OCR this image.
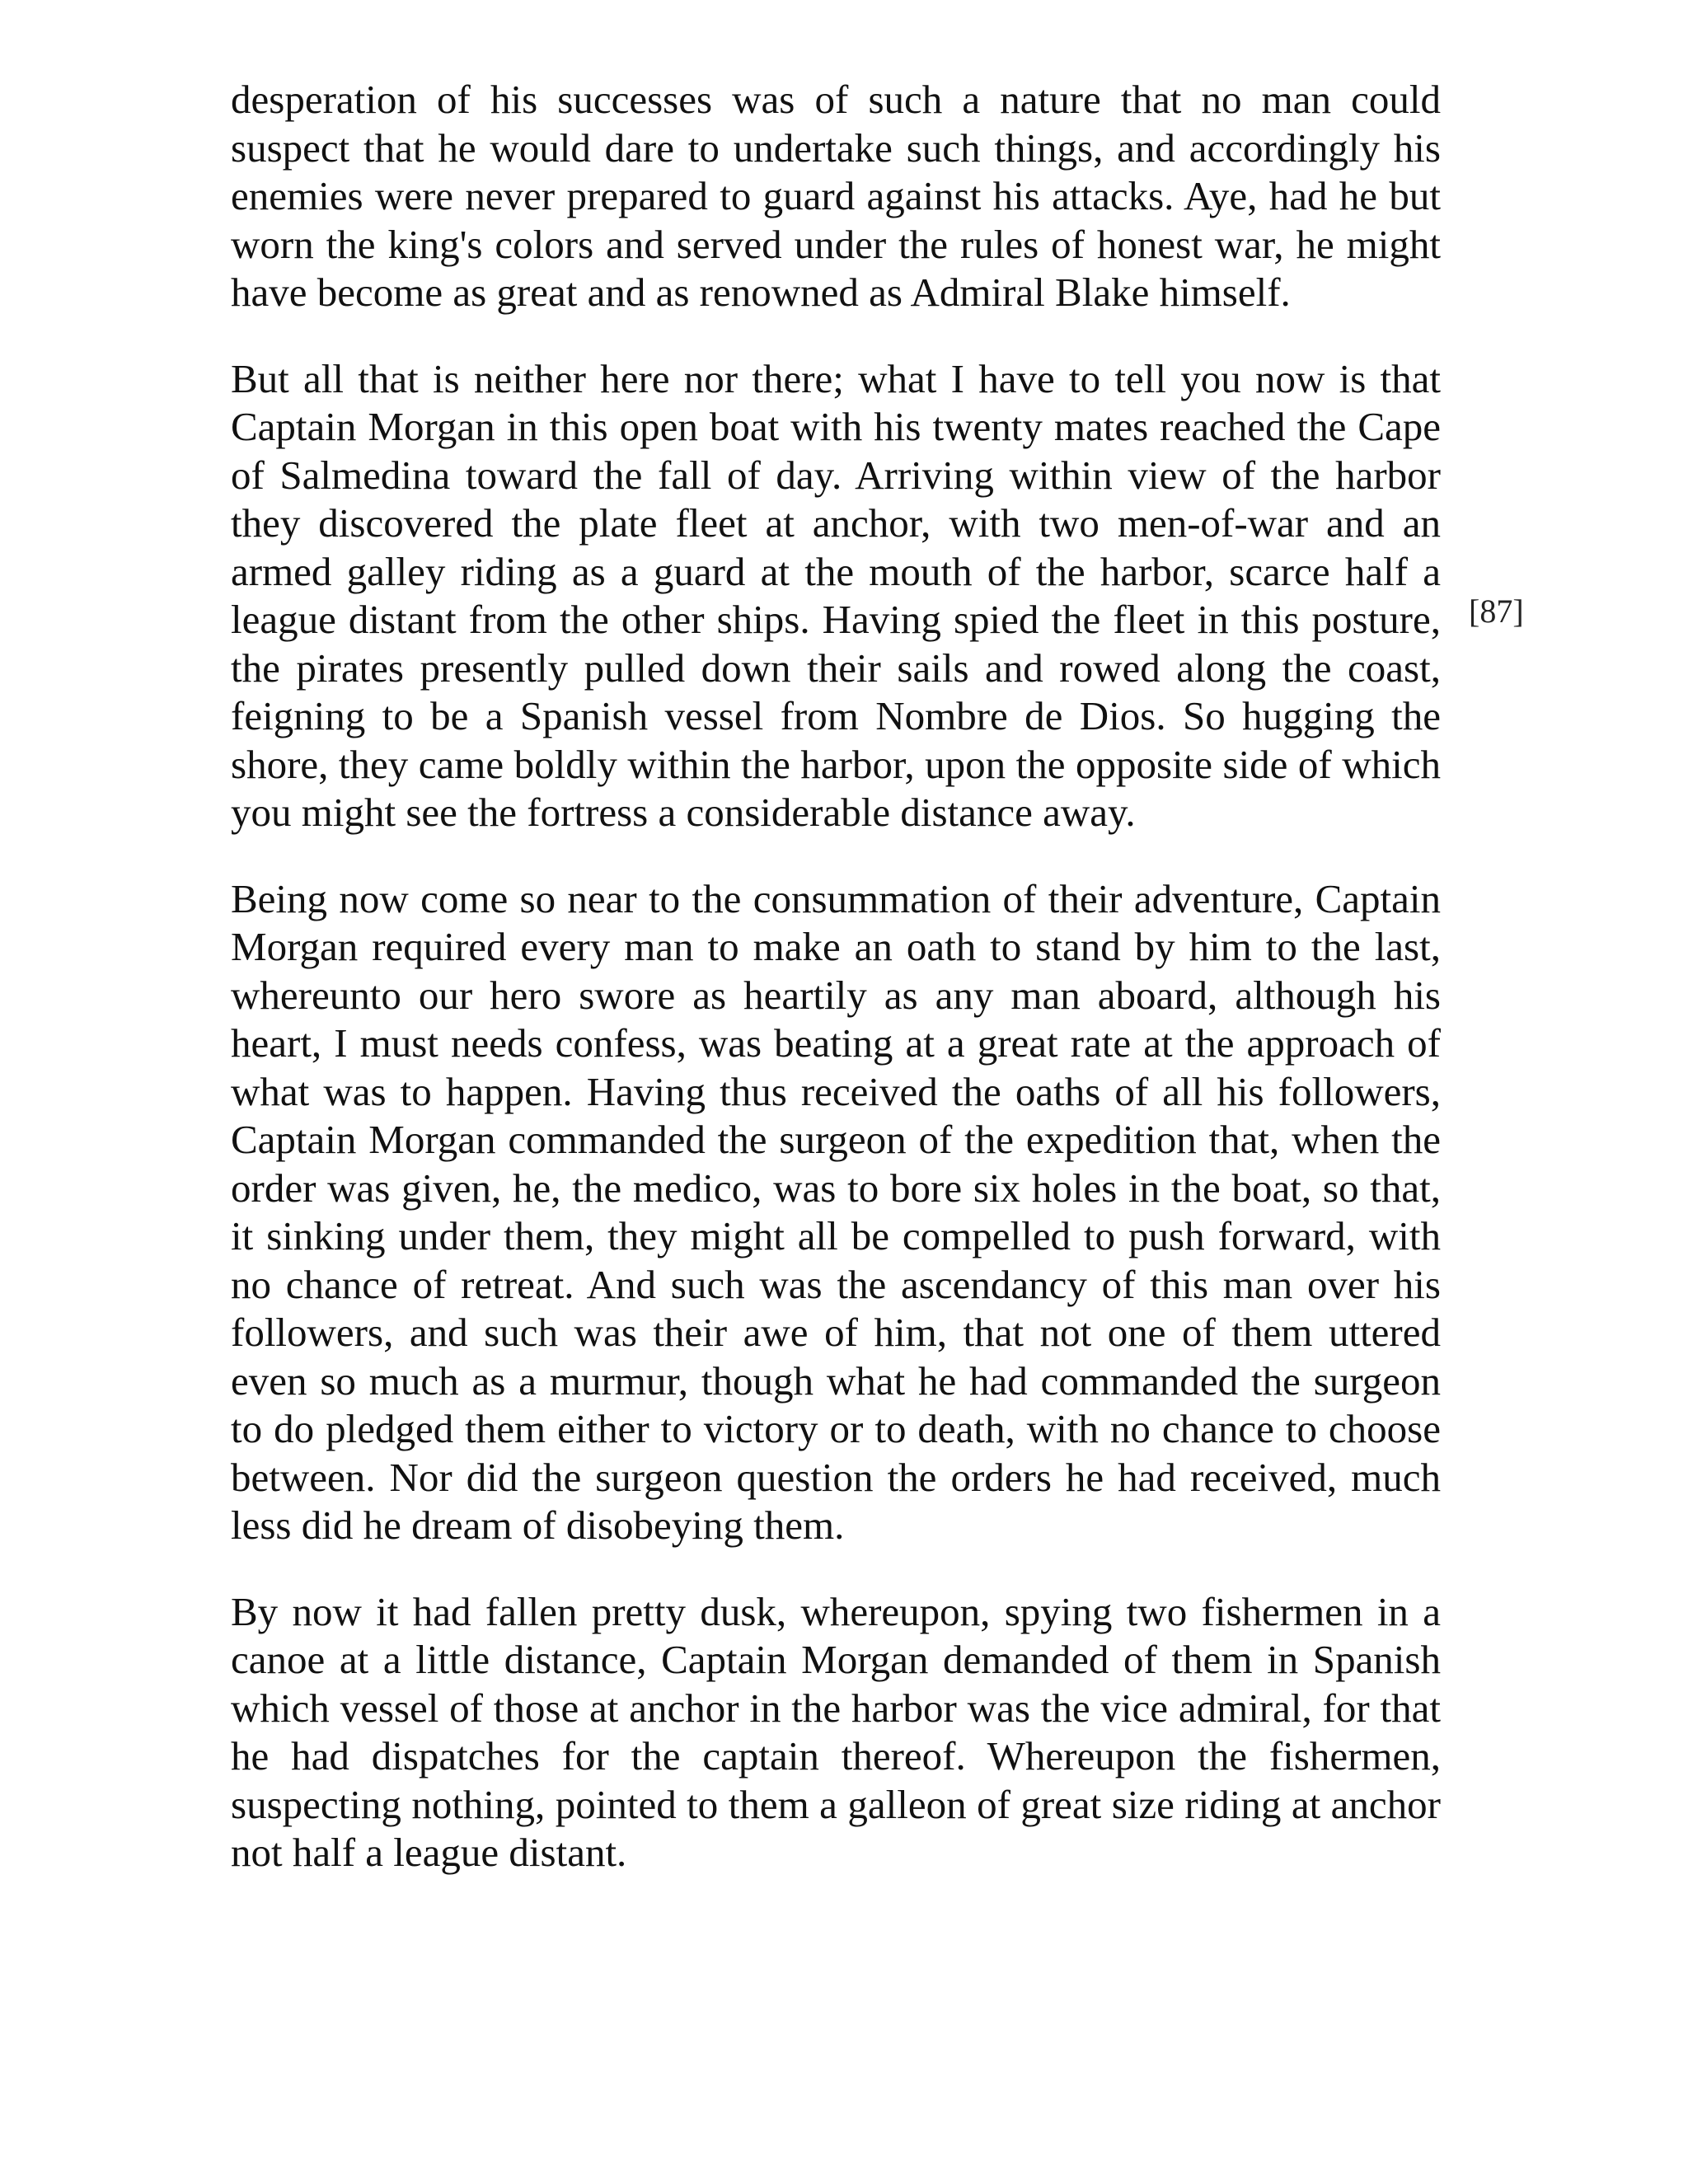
desperation of his successes was of such a nature that no man could suspect that he would dare to undertake such things, and accordingly his enemies were never prepared to guard against his attacks. Aye, had he but worn the king's colors and served under the rules of honest war, he might have become as great and as renowned as Admiral Blake himself.

But all that is neither here nor there; what I have to tell you now is that Captain Morgan in this open boat with his twenty mates reached the Cape of Salmedina toward the fall of day. Arriving within view of the harbor they discovered the plate fleet at anchor, with two men-of-war and an armed galley riding as a guard at the mouth of the harbor, scarce half a league distant from the other ships. Having spied the fleet in this posture, the pirates presently pulled down their sails and rowed along the coast, feigning to be a Spanish vessel from Nombre de Dios. So hugging the shore, they came boldly within the harbor, upon the opposite side of which you might see the fortress a considerable distance away.

Being now come so near to the consummation of their adventure, Captain Morgan required every man to make an oath to stand by him to the last, whereunto our hero swore as heartily as any man aboard, although his heart, I must needs confess, was beating at a great rate at the approach of what was to happen. Having thus received the oaths of all his followers, Captain Morgan commanded the surgeon of the expedition that, when the order was given, he, the medico, was to bore six holes in the boat, so that, it sinking under them, they might all be compelled to push forward, with no chance of retreat. And such was the ascendancy of this man over his followers, and such was their awe of him, that not one of them uttered even so much as a murmur, though what he had commanded the surgeon to do pledged them either to victory or to death, with no chance to choose between. Nor did the surgeon question the orders he had received, much less did he dream of disobeying them.

By now it had fallen pretty dusk, whereupon, spying two fishermen in a canoe at a little distance, Captain Morgan demanded of them in Spanish which vessel of those at anchor in the harbor was the vice admiral, for that he had dispatches for the captain thereof. Whereupon the fishermen, suspecting nothing, pointed to them a galleon of great size riding at anchor not half a league distant.

[87]
